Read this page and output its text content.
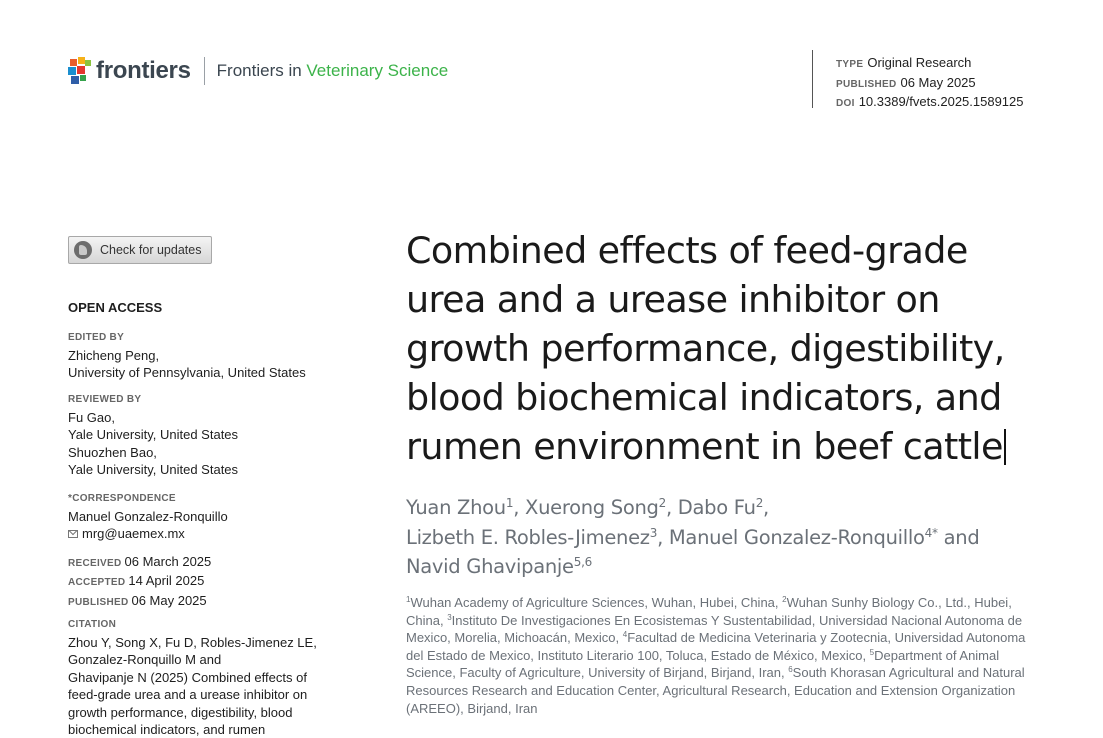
frontiers Frontiers in Veterinary Science	TYPE Original Research
PUBLISHED 06 May 2025
DOI 10.3389/fvets.2025.1589125
Check for updates
OPEN ACCESS
EDITED BY
Zhicheng Peng,
University of Pennsylvania, United States
REVIEWED BY
Fu Gao,
Yale University, United States
Shuozhen Bao,
Yale University, United States
*CORRESPONDENCE
Manuel Gonzalez-Ronquillo
mrg@uaemex.mx
RECEIVED 06 March 2025
ACCEPTED 14 April 2025
PUBLISHED 06 May 2025
CITATION
Zhou Y, Song X, Fu D, Robles-Jimenez LE,
Gonzalez-Ronquillo M and
Ghavipanje N (2025) Combined effects of
feed-grade urea and a urease inhibitor on
growth performance, digestibility, blood
biochemical indicators, and rumen
Combined effects of feed-grade
urea and a urease inhibitor on
growth performance, digestibility,
blood biochemical indicators, and
rumen environment in beef cattle
Yuan Zhou$^1$, Xuerong Song$^2$, Dabo Fu$^2$,
Lizbeth E. Robles-Jimenez$^3$, Manuel Gonzalez-Ronquillo$^{4*}$ and
Navid Ghavipanje$^{5,6}$
$^1$Wuhan Academy of Agriculture Sciences, Wuhan, Hubei, China, $^2$Wuhan Sunhy Biology Co., Ltd., Hubei, China, $^3$Instituto De Investigaciones En Ecosistemas Y Sustentabilidad, Universidad Nacional Autonoma de Mexico, Morelia, Michoacán, Mexico, $^4$Facultad de Medicina Veterinaria y Zootecnia, Universidad Autonoma del Estado de Mexico, Instituto Literario 100, Toluca, Estado de México, Mexico, $^5$Department of Animal Science, Faculty of Agriculture, University of Birjand, Birjand, Iran, $^6$South Khorasan Agricultural and Natural Resources Research and Education Center, Agricultural Research, Education and Extension Organization (AREEO), Birjand, Iran
